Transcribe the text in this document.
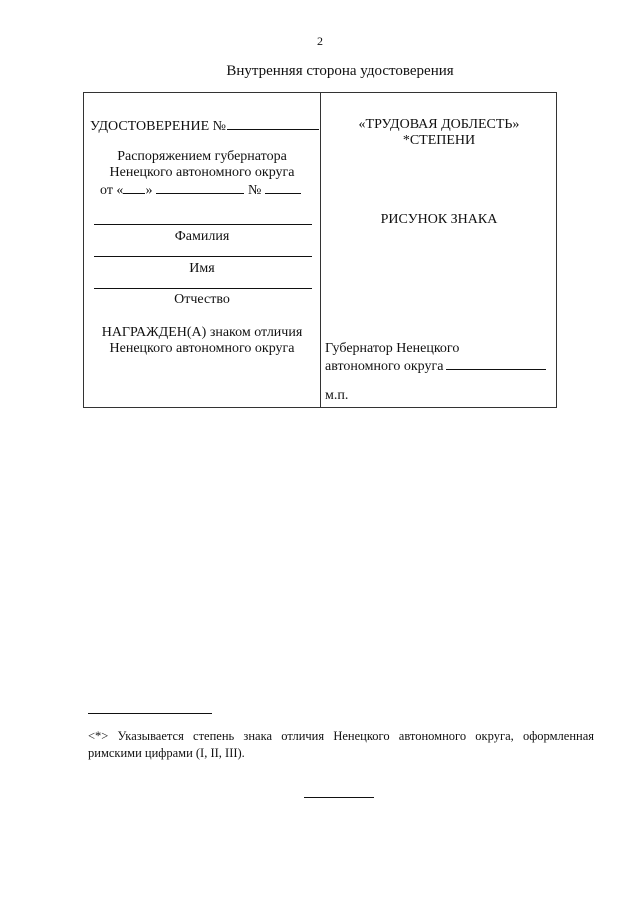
2
Внутренняя сторона удостоверения
УДОСТОВЕРЕНИЕ №
Распоряжением губернатора
Ненецкого автономного округа
от « »	№
Фамилия
Имя
Отчество
НАГРАЖДЕН(А) знаком отличия
Ненецкого автономного округа
«ТРУДОВАЯ ДОБЛЕСТЬ»
*СТЕПЕНИ
РИСУНОК ЗНАКА
Губернатор Ненецкого
автономного округа
м.п.
<*> Указывается степень знака отличия Ненецкого автономного округа, оформленная римскими цифрами (I, II, III).
